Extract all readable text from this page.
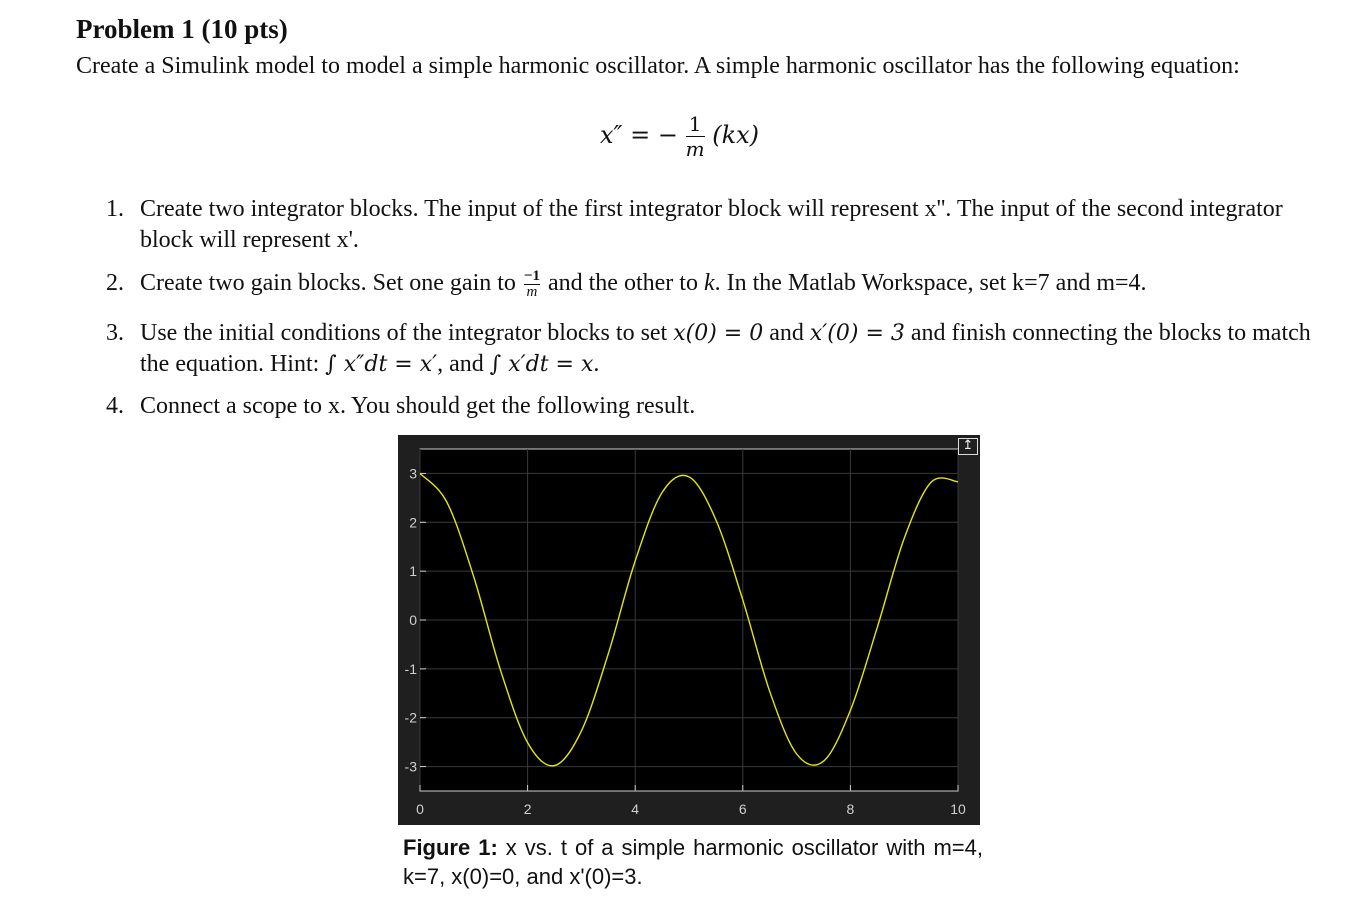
Problem 1 (10 pts)

Create a Simulink model to model a simple harmonic oscillator. A simple harmonic oscillator has the following equation:

x″ = − $\frac{1}{m} (kx)$
1. Create two integrator blocks. The input of the first integrator block will represent x''. The input of the second integrator block will represent x'.
2. Create two gain blocks. Set one gain to $\frac{-1}{m}$ and the other to k. In the Matlab Workspace, set k=7 and m=4.
3. Use the initial conditions of the integrator blocks to set x(0) = 0 and x′(0) = 3 and finish connecting the blocks to match the equation. Hint: ∫ x″dt = x′, and ∫ x′dt = x.
4. Connect a scope to x. You should get the following result.
3
2
1
0
-1
-2
-3
0	2	4	6	8	10
↥
Figure 1: x vs. t of a simple harmonic oscillator with m=4, k=7, x(0)=0, and x'(0)=3.
